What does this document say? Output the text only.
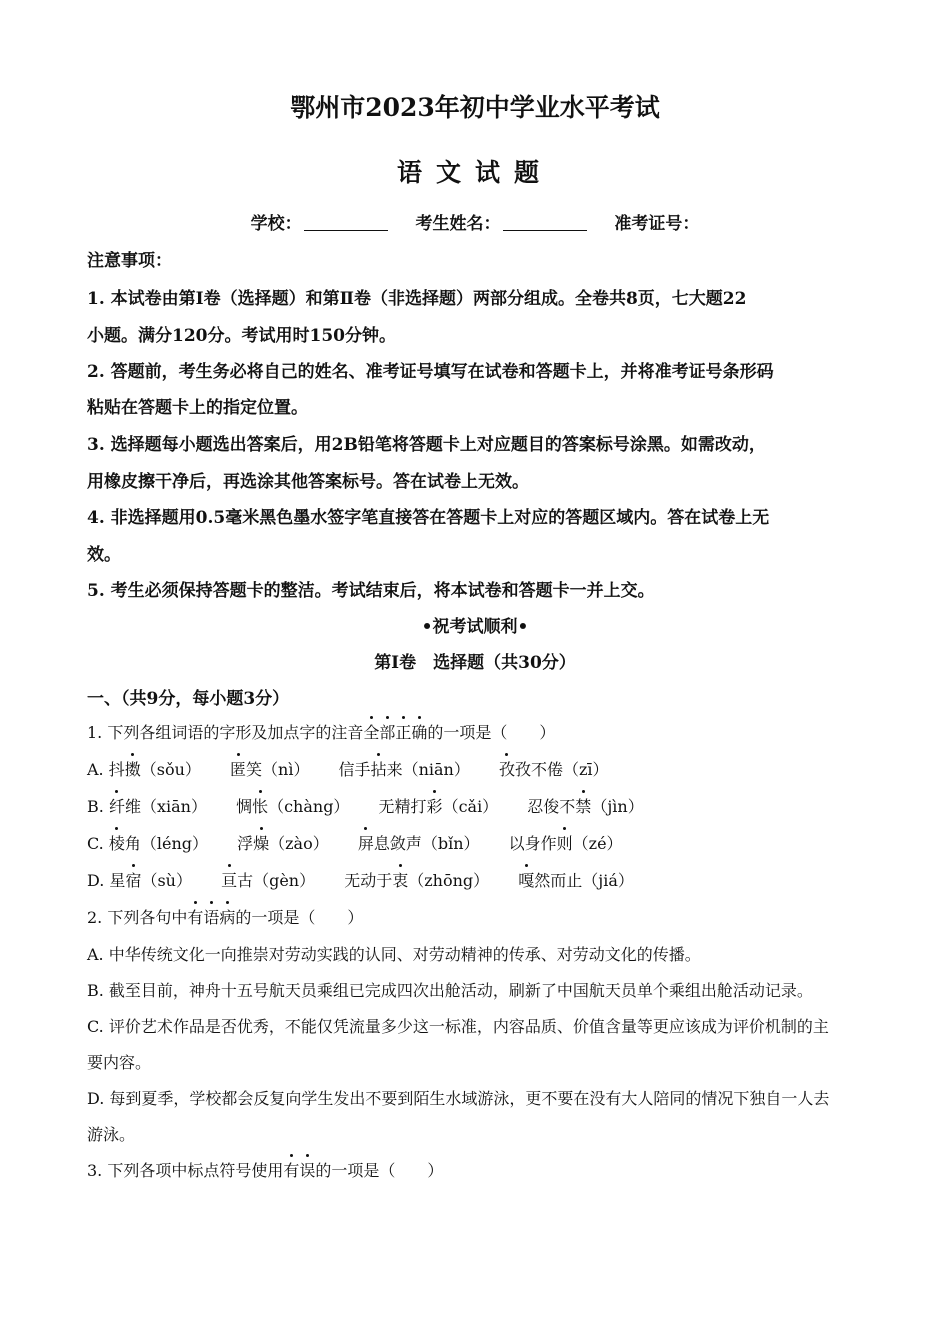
鄂州市2023年初中学业水平考试
语文试题
学校：	考生姓名：	准考证号：
注意事项：
1. 本试卷由第Ⅰ卷（选择题）和第Ⅱ卷（非选择题）两部分组成。全卷共8页，七大题22
小题。满分120分。考试用时150分钟。
2. 答题前，考生务必将自己的姓名、准考证号填写在试卷和答题卡上，并将准考证号条形码
粘贴在答题卡上的指定位置。
3. 选择题每小题选出答案后，用2B铅笔将答题卡上对应题目的答案标号涂黑。如需改动，
用橡皮擦干净后，再选涂其他答案标号。答在试卷上无效。
4. 非选择题用0.5毫米黑色墨水签字笔直接答在答题卡上对应的答题区域内。答在试卷上无
效。
5. 考生必须保持答题卡的整洁。考试结束后，将本试卷和答题卡一并上交。
•祝考试顺利•
第Ⅰ卷　选择题（共30分）
一、（共9分，每小题3分）
1. 下列各组词语的字形及加点字的注音全部正确的一项是（　　）
A. 抖擞（sǒu） 匿笑（nì） 信手拈来（niān） 孜孜不倦（zī）
B. 纤维（xiān） 惆怅（chàng） 无精打彩（cǎi） 忍俊不禁（jìn）
C. 棱角（léng） 浮燥（zào） 屏息敛声（bǐn） 以身作则（zé）
D. 星宿（sù） 亘古（gèn） 无动于衷（zhōng） 嘎然而止（jiá）
2. 下列各句中有语病的一项是（　　）
A. 中华传统文化一向推崇对劳动实践的认同、对劳动精神的传承、对劳动文化的传播。
B. 截至目前，神舟十五号航天员乘组已完成四次出舱活动，刷新了中国航天员单个乘组出舱活动记录。
C. 评价艺术作品是否优秀，不能仅凭流量多少这一标准，内容品质、价值含量等更应该成为评价机制的主
要内容。
D. 每到夏季，学校都会反复向学生发出不要到陌生水域游泳，更不要在没有大人陪同的情况下独自一人去
游泳。
3. 下列各项中标点符号使用有误的一项是（　　）
